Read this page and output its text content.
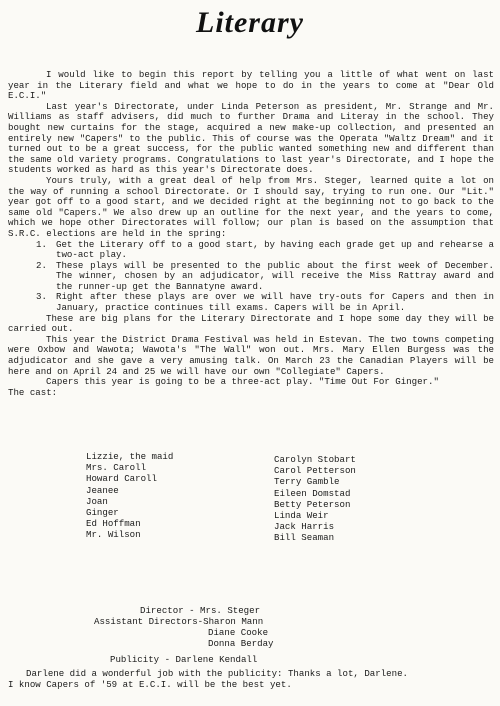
Literary

I would like to begin this report by telling you a little of what went on last year in the Literary field and what we hope to do in the years to come at "Dear Old E.C.I."

Last year's Directorate, under Linda Peterson as president, Mr. Strange and Mr. Williams as staff advisers, did much to further Drama and Literay in the school. They bought new curtains for the stage, acquired a new make-up collection, and presented an entirely new "Capers" to the public. This of course was the Operata "Waltz Dream" and it turned out to be a great success, for the public wanted something new and different than the same old variety programs. Congratulations to last year's Directorate, and I hope the students worked as hard as this year's Directorate does.

Yours truly, with a great deal of help from Mrs. Steger, learned quite a lot on the way of running a school Directorate. Or I should say, trying to run one. Our "Lit." year got off to a good start, and we decided right at the beginning not to go back to the same old "Capers." We also drew up an outline for the next year, and the years to come, which we hope other Directorates will follow; our plan is based on the assumption that S.R.C. elections are held in the spring:

1. Get the Literary off to a good start, by having each grade get up and rehearse a two-act play.
2. These plays will be presented to the public about the first week of December. The winner, chosen by an adjudicator, will receive the Miss Rattray award and the runner-up get the Bannatyne award.
3. Right after these plays are over we will have try-outs for Capers and then in January, practice continues till exams. Capers will be in April.

These are big plans for the Literary Directorate and I hope some day they will be carried out.

This year the District Drama Festival was held in Estevan. The two towns competing were Oxbow and Wawota; Wawota's "The Wall" won out. Mrs. Mary Ellen Burgess was the adjudicator and she gave a very amusing talk. On March 23 the Canadian Players will be here and on April 24 and 25 we will have our own "Collegiate" Capers.

Capers this year is going to be a three-act play. "Time Out For Ginger."

The cast:

Lizzie, the maid
Mrs. Caroll
Howard Caroll
Jeanee
Joan
Ginger
Ed Hoffman
Mr. Wilson
Carolyn Stobart
Carol Petterson
Terry Gamble
Eileen Domstad
Betty Peterson
Linda Weir
Jack Harris
Bill Seaman
Director - Mrs. Steger
Assistant Directors-Sharon Mann
Diane Cooke
Donna Berday
Publicity - Darlene Kendall
Darlene did a wonderful job with the publicity: Thanks a lot, Darlene.
I know Capers of '59 at E.C.I. will be the best yet.
